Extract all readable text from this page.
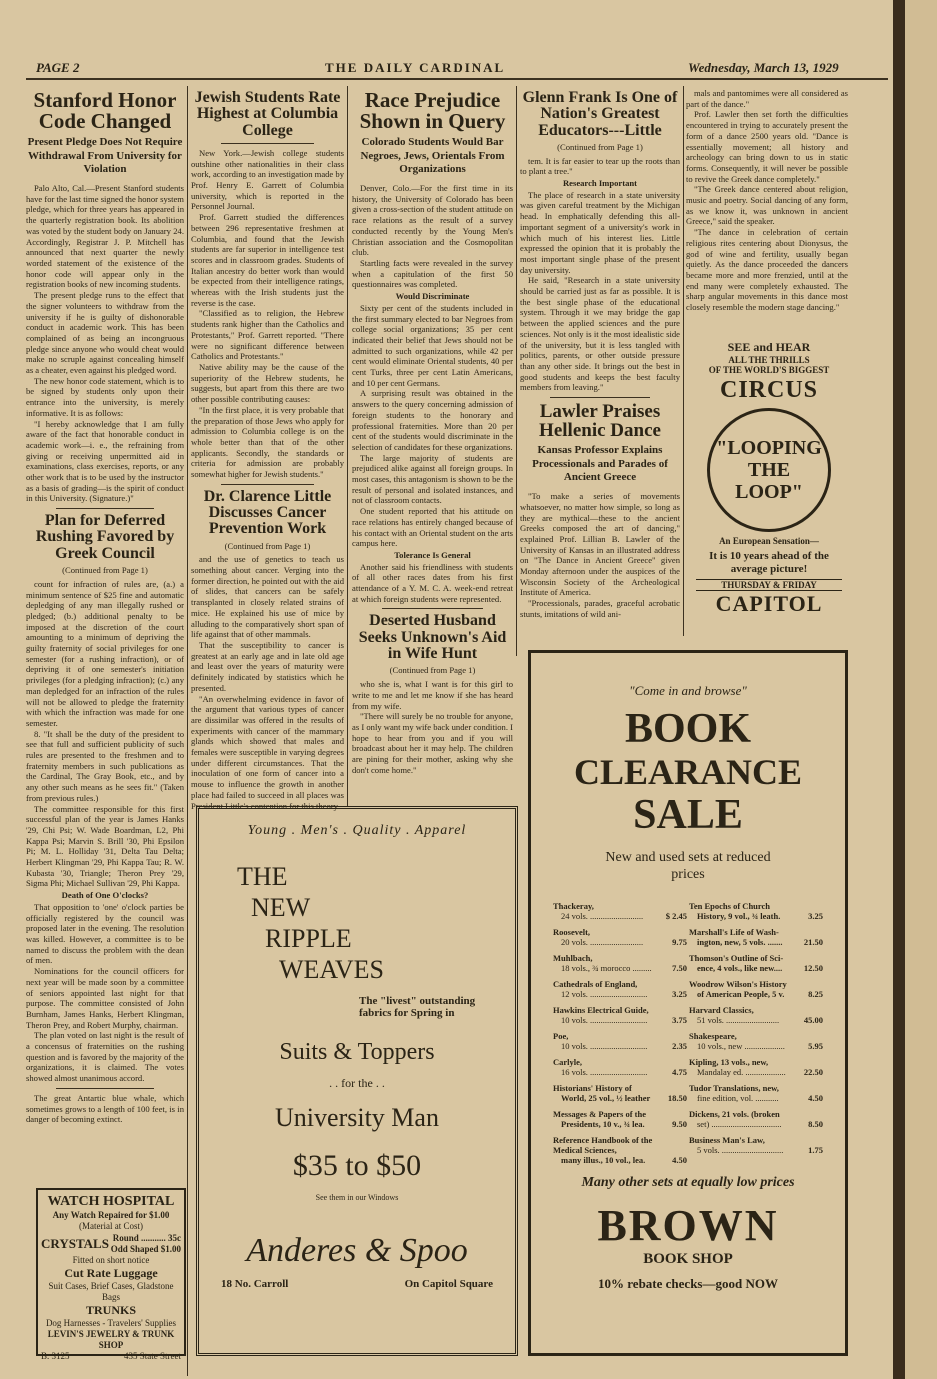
PAGE 2	THE DAILY CARDINAL	Wednesday, March 13, 1929
Stanford Honor Code Changed
Present Pledge Does Not Require Withdrawal From University for Violation

Palo Alto, Cal.—Present Stanford students have for the last time signed the honor system pledge, which for three years has appeared in the quarterly registration book. Its abolition was voted by the student body on January 24. Accordingly, Registrar J. P. Mitchell has announced that next quarter the newly worded statement of the existence of the honor code will appear only in the registration books of new incoming students.

The present pledge runs to the effect that the signer volunteers to withdraw from the university if he is guilty of dishonorable conduct in academic work. This has been complained of as being an incongruous pledge since anyone who would cheat would make no scruple against concealing himself as a cheater, even against his pledged word.

The new honor code statement, which is to be signed by students only upon their entrance into the university, is merely informative. It is as follows:

"I hereby acknowledge that I am fully aware of the fact that honorable conduct in academic work—i. e., the refraining from giving or receiving unpermitted aid in examinations, class exercises, reports, or any other work that is to be used by the instructor as a basis of grading—is the spirit of conduct in this University. (Signature.)"

Plan for Deferred Rushing Favored by Greek Council
(Continued from Page 1)

count for infraction of rules are, (a.) a minimum sentence of $25 fine and automatic depledging of any man illegally rushed or pledged; (b.) additional penalty to be imposed at the discretion of the court amounting to a minimum of depriving the guilty fraternity of social privileges for one semester (for a rushing infraction), or of depriving it of one semester's initiation privileges (for a pledging infraction); (c.) any man depledged for an infraction of the rules will not be allowed to pledge the fraternity with which the infraction was made for one semester.

8. "It shall be the duty of the president to see that full and sufficient publicity of such rules are presented to the freshmen and to fraternity members in such publications as the Cardinal, The Gray Book, etc., and by any other such means as he sees fit." (Taken from previous rules.)

The committee responsible for this first successful plan of the year is James Hanks '29, Chi Psi; W. Wade Boardman, L2, Phi Kappa Psi; Marvin S. Brill '30, Phi Epsilon Pi; M. L. Holliday '31, Delta Tau Delta; Herbert Klingman '29, Phi Kappa Tau; R. W. Kubasta '30, Triangle; Theron Prey '29, Sigma Phi; Michael Sullivan '29, Phi Kappa.

Death of One O'clocks?

That opposition to 'one' o'clock parties be officially registered by the council was proposed later in the evening. The resolution was killed. However, a committee is to be named to discuss the problem with the dean of men.

Nominations for the council officers for next year will be made soon by a committee of seniors appointed last night for that purpose. The committee consisted of John Burnham, James Hanks, Herbert Klingman, Theron Prey, and Robert Murphy, chairman.

The plan voted on last night is the result of a concensus of fraternities on the rushing question and is favored by the majority of the organizations, it is claimed. The votes showed almost unanimous accord.

The great Antartic blue whale, which sometimes grows to a length of 100 feet, is in danger of becoming extinct.

WATCH HOSPITAL
Any Watch Repaired for $1.00
(Material at Cost)
CRYSTALS Round ........... 35c
Odd Shaped $1.00
Fitted on short notice
Cut Rate Luggage
Suit Cases, Brief Cases, Gladstone Bags
TRUNKS
Dog Harnesses - Travelers' Supplies
LEVIN'S JEWELRY & TRUNK SHOP
B. 3125	435 State Street
Jewish Students Rate Highest at Columbia College

New York.—Jewish college students outshine other nationalities in their class work, according to an investigation made by Prof. Henry E. Garrett of Columbia university, which is reported in the Personnel Journal.

Prof. Garrett studied the differences between 296 representative freshmen at Columbia, and found that the Jewish students are far superior in intelligence test scores and in classroom grades. Students of Italian ancestry do better work than would be expected from their intelligence ratings, whereas with the Irish students just the reverse is the case.

"Classified as to religion, the Hebrew students rank higher than the Catholics and Protestants," Prof. Garrett reported. "There were no significant difference between Catholics and Protestants."

Native ability may be the cause of the superiority of the Hebrew students, he suggests, but apart from this there are two other possible contributing causes:

"In the first place, it is very probable that the preparation of those Jews who apply for admission to Columbia college is on the whole better than that of the other applicants. Secondly, the standards or criteria for admission are probably somewhat higher for Jewish students."

Dr. Clarence Little Discusses Cancer Prevention Work
(Continued from Page 1)

and the use of genetics to teach us something about cancer. Verging into the former direction, he pointed out with the aid of slides, that cancers can be safely transplanted in closely related strains of mice. He explained his use of mice by alluding to the comparatively short span of life against that of other mammals.

That the susceptibility to cancer is greatest at an early age and in late old age and least over the years of maturity were definitely indicated by statistics which he presented.

"An overwhelming evidence in favor of the argument that various types of cancer are dissimilar was offered in the results of experiments with cancer of the mammary glands which showed that males and females were susceptible in varying degrees under different circumstances. That the inoculation of one form of cancer into a mouse to influence the growth in another place had failed to succeed in all places was President Little's contention for this theory.

Race Prejudice Shown in Query
Colorado Students Would Bar Negroes, Jews, Orientals From Organizations

Denver, Colo.—For the first time in its history, the University of Colorado has been given a cross-section of the student attitude on race relations as the result of a survey conducted recently by the Young Men's Christian association and the Cosmopolitan club.

Startling facts were revealed in the survey when a capitulation of the first 50 questionnaires was completed.

Would Discriminate

Sixty per cent of the students included in the first summary elected to bar Negroes from college social organizations; 35 per cent indicated their belief that Jews should not be admitted to such organizations, while 42 per cent would eliminate Oriental students, 40 per cent Turks, three per cent Latin Americans, and 10 per cent Germans.

A surprising result was obtained in the answers to the query concerning admission of foreign students to the honorary and professional fraternities. More than 20 per cent of the students would discriminate in the selection of candidates for these organizations.

The large majority of students are prejudiced alike against all foreign groups. In most cases, this antagonism is shown to be the result of personal and isolated instances, and not of classroom contacts.

One student reported that his attitude on race relations has entirely changed because of his contact with an Oriental student on the arts campus here.

Tolerance Is General

Another said his friendliness with students of all other races dates from his first attendance of a Y. M. C. A. week-end retreat at which foreign students were represented.

Deserted Husband Seeks Unknown's Aid in Wife Hunt
(Continued from Page 1)

who she is, what I want is for this girl to write to me and let me know if she has heard from my wife.

"There will surely be no trouble for anyone, as I only want my wife back under condition. I hope to hear from you and if you will broadcast about her it may help. The children are pining for their mother, asking why she don't come home."

Glenn Frank Is One of Nation's Greatest Educators---Little
(Continued from Page 1)

tem. It is far easier to tear up the roots than to plant a tree."

Research Important

The place of research in a state university was given careful treatment by the Michigan head. In emphatically defending this all-important segment of a university's work in which much of his interest lies. Little expressed the opinion that it is probably the most important single phase of the present day university.

He said, "Research in a state university should be carried just as far as possible. It is the best single phase of the educational system. Through it we may bridge the gap between the applied sciences and the pure sciences. Not only is it the most idealistic side of the university, but it is less tangled with politics, parents, or other outside pressure than any other side. It brings out the best in good students and keeps the best faculty members from leaving."

Lawler Praises Hellenic Dance
Kansas Professor Explains Processionals and Parades of Ancient Greece

"To make a series of movements whatsoever, no matter how simple, so long as they are mythical—these to the ancient Greeks composed the art of dancing," explained Prof. Lillian B. Lawler of the University of Kansas in an illustrated address on "The Dance in Ancient Greece" given Monday afternoon under the auspices of the Wisconsin Society of the Archeological Institute of America.

"Processionals, parades, graceful acrobatic stunts, imitations of wild ani-

mals and pantomimes were all considered as part of the dance."

Prof. Lawler then set forth the difficulties encountered in trying to accurately present the form of a dance 2500 years old. "Dance is essentially movement; all history and archeology can bring down to us in static forms. Consequently, it will never be possible to revive the Greek dance completely."

"The Greek dance centered about religion, music and poetry. Social dancing of any form, as we know it, was unknown in ancient Greece," said the speaker.

"The dance in celebration of certain religious rites centering about Dionysus, the god of wine and fertility, usually began quietly. As the dance proceeded the dancers became more and more frenzied, until at the end many were completely exhausted. The sharp angular movements in this dance most closely resemble the modern stage dancing."

SEE and HEAR
ALL THE THRILLS
OF THE WORLD'S BIGGEST
CIRCUS
"LOOPING
THE
LOOP"
An European Sensation—
It is 10 years ahead of the average picture!
THURSDAY & FRIDAY
CAPITOL
Young . Men's . Quality . Apparel
THE
NEW
RIPPLE
WEAVES
The "livest" outstanding fabrics for Spring in
Suits & Toppers
. . for the . .
University Man
$35 to $50
See them in our Windows
Anderes & Spoo
18 No. Carroll	On Capitol Square
"Come in and browse"
BOOK
CLEARANCE
SALE
New and used sets at reduced prices
Thackeray,
24 vols. .........................	$ 2.45
Roosevelt,
20 vols. .........................	9.75
Muhlbach,
18 vols., ¾ morocco ......... 7.50
Cathedrals of England,
12 vols. ...........................	3.25
Hawkins Electrical Guide,
10 vols. ...........................	3.75
Poe,
10 vols. ...........................	2.35
Carlyle,
16 vols. ...........................	4.75
Historians' History of
World, 25 vol., ½ leather 18.50
Messages & Papers of the
Presidents, 10 v., ¾ lea.	9.50
Reference Handbook of the Medical Sciences,
many illus., 10 vol., lea.	4.50
Ten Epochs of Church
History, 9 vol., ¾ leath.	3.25
Marshall's Life of Wash-
ington, new, 5 vols. .......	21.50
Thomson's Outline of Sci-
ence, 4 vols., like new....	12.50
Woodrow Wilson's History
of American People, 5 v.	8.25
Harvard Classics,
51 vols. .........................	45.00
Shakespeare,
10 vols., new ...................	5.95
Kipling, 13 vols., new,
Mandalay ed. ................... 22.50
Tudor Translations, new,
fine edition, vol. ...........	4.50
Dickens, 21 vols. (broken
set) .................................	8.50
Business Man's Law,
5 vols. .............................	1.75
Many other sets at equally low prices
BROWN
BOOK SHOP
10% rebate checks—good NOW
